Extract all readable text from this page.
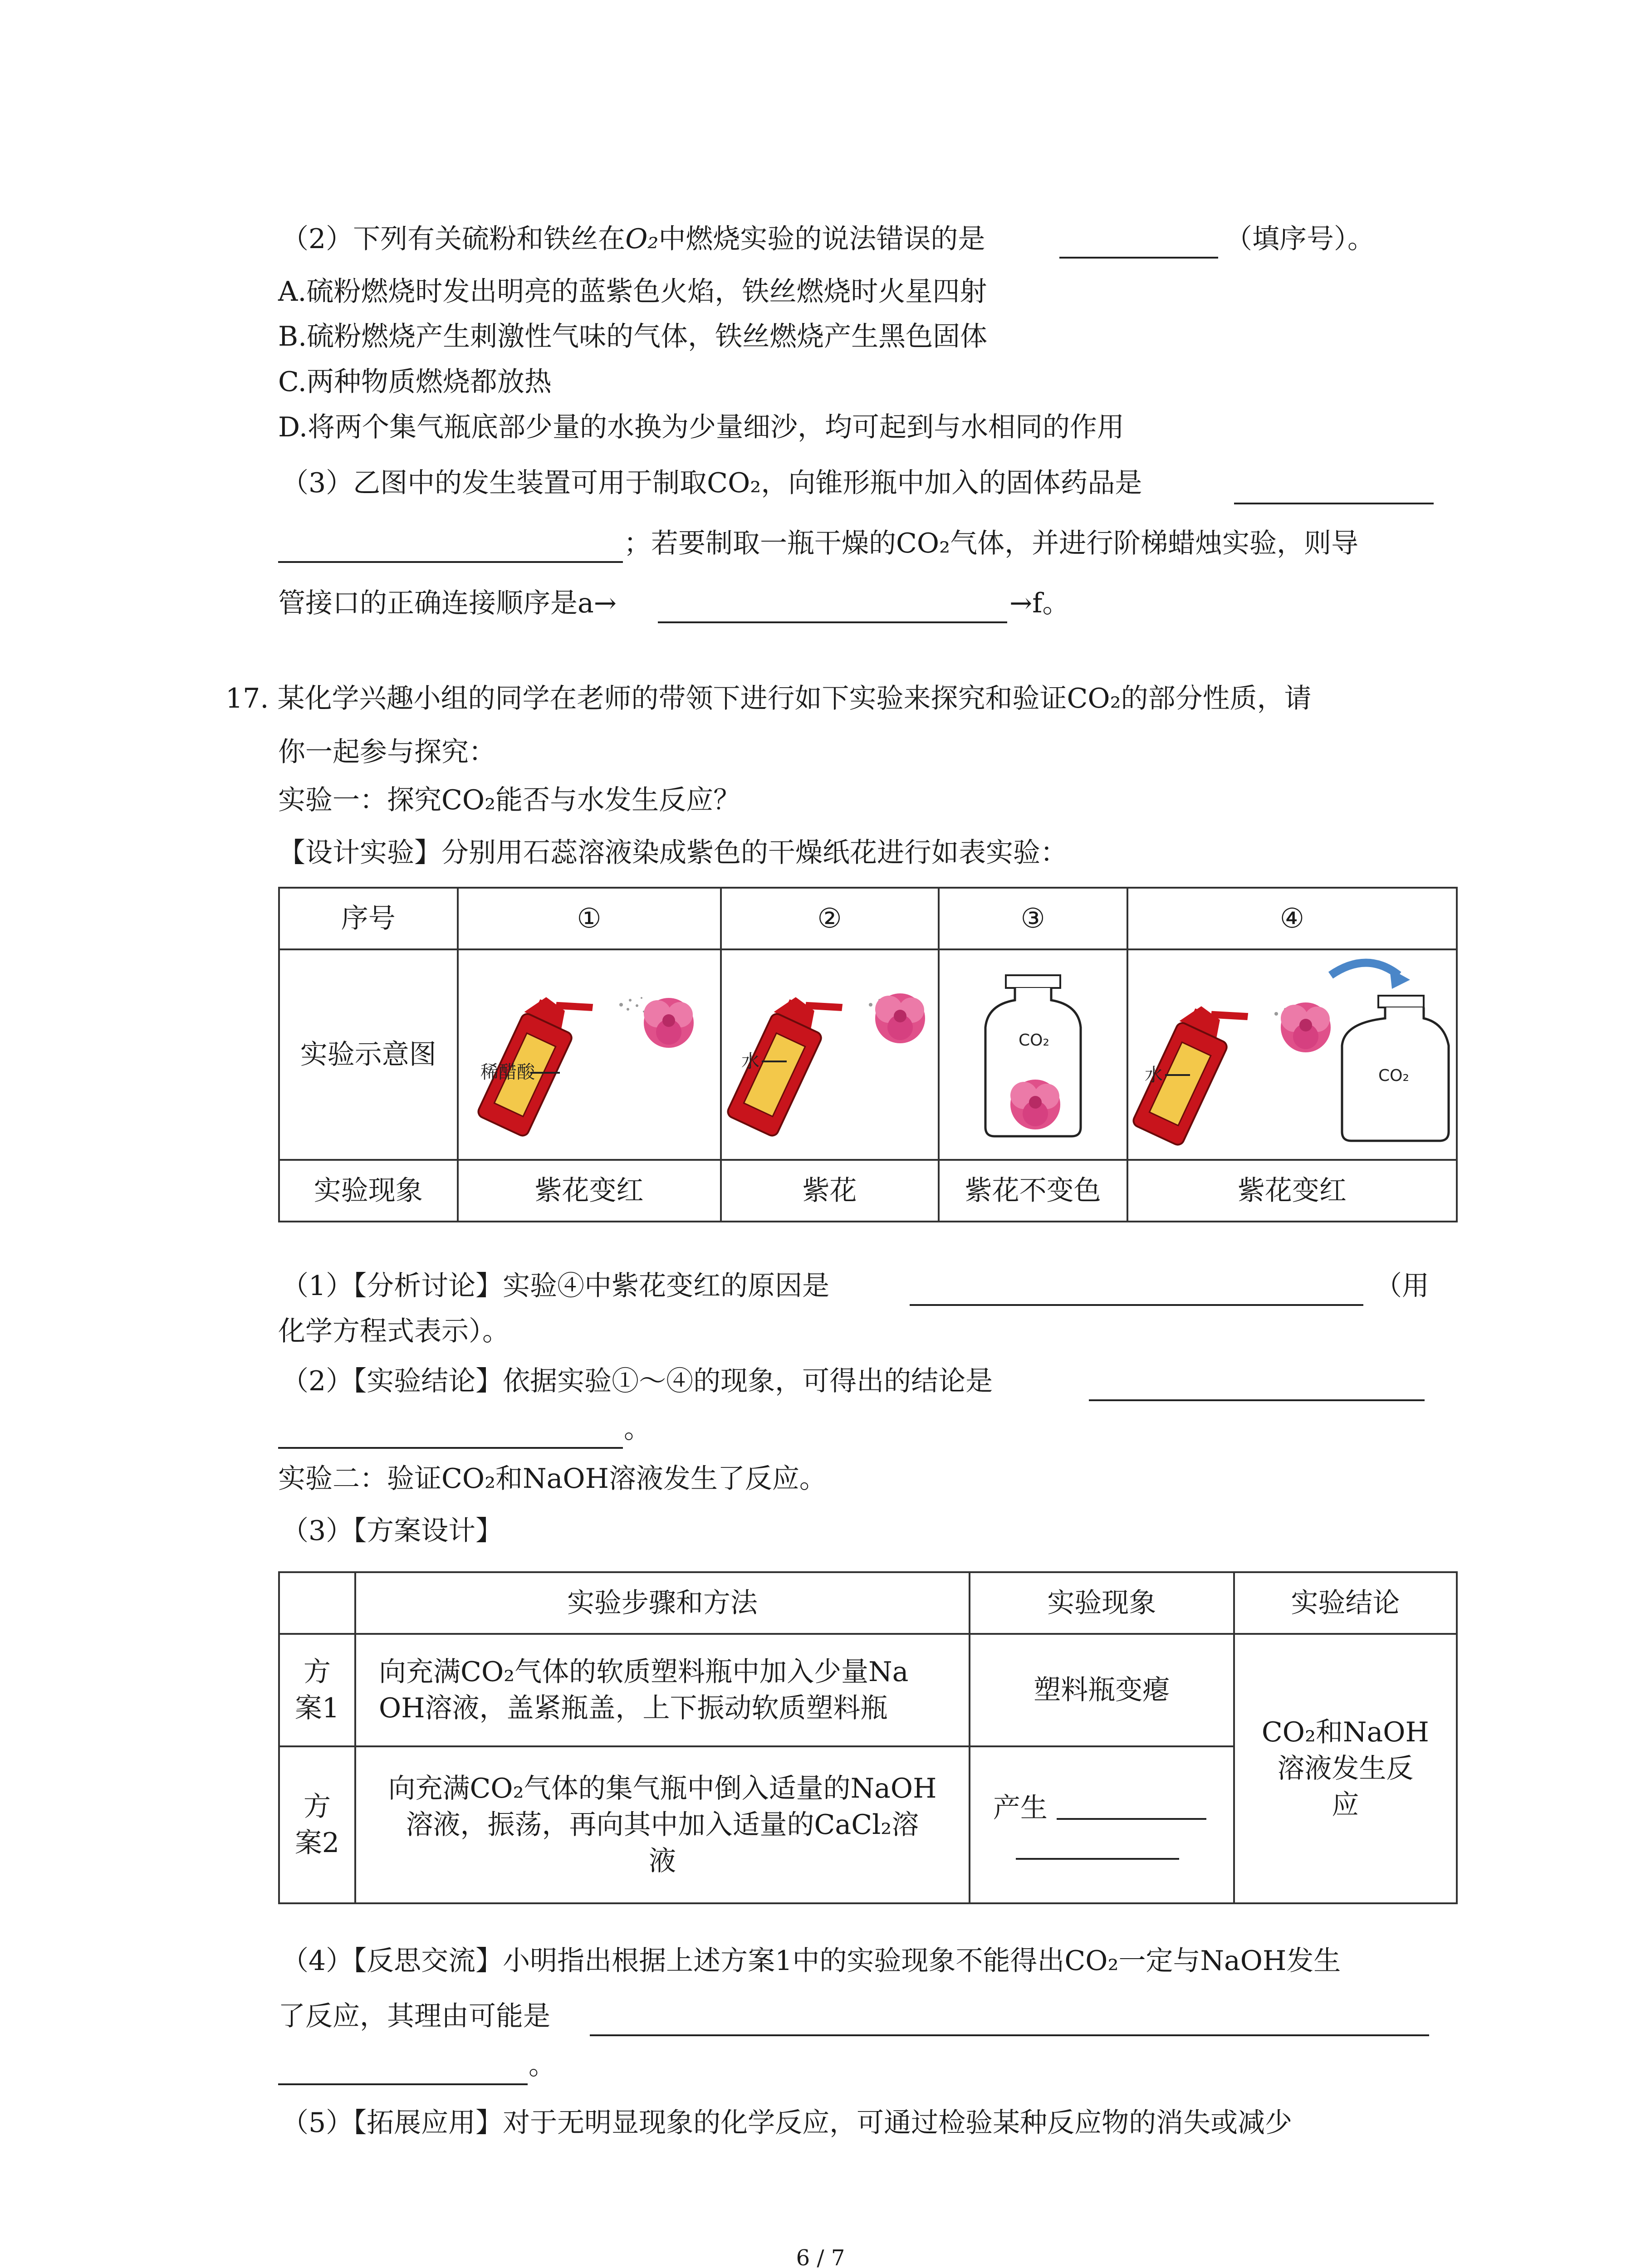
（2）下列有关硫粉和铁丝在O₂中燃烧实验的说法错误的是	（填序号）。
A.硫粉燃烧时发出明亮的蓝紫色火焰，铁丝燃烧时火星四射
B.硫粉燃烧产生刺激性气味的气体，铁丝燃烧产生黑色固体
C.两种物质燃烧都放热
D.将两个集气瓶底部少量的水换为少量细沙，均可起到与水相同的作用
（3）乙图中的发生装置可用于制取CO₂，向锥形瓶中加入的固体药品是
；若要制取一瓶干燥的CO₂气体，并进行阶梯蜡烛实验，则导
管接口的正确连接顺序是a→	→f。
17. 某化学兴趣小组的同学在老师的带领下进行如下实验来探究和验证CO₂的部分性质，请
你一起参与探究：
实验一：探究CO₂能否与水发生反应？
【设计实验】分别用石蕊溶液染成紫色的干燥纸花进行如表实验：
序号	①	②	③	④
实验示意图	稀醋酸	水	CO₂	水 CO₂

实验现象	紫花变红	紫花	紫花不变色	紫花变红
（1）【分析讨论】实验④中紫花变红的原因是	（用
化学方程式表示）。
（2）【实验结论】依据实验①～④的现象，可得出的结论是
。
实验二：验证CO₂和NaOH溶液发生了反应。
（3）【方案设计】
	实验步骤和方法	实验现象	实验结论

方
案1	向充满CO₂气体的软质塑料瓶中加入少量Na
OH溶液，盖紧瓶盖，上下振动软质塑料瓶	塑料瓶变瘪	CO₂和NaOH
溶液发生反
应

方
案2	向充满CO₂气体的集气瓶中倒入适量的NaOH
溶液，振荡，再向其中加入适量的CaCl₂溶
液	产生	
（4）【反思交流】小明指出根据上述方案1中的实验现象不能得出CO₂一定与NaOH发生
了反应，其理由可能是
。
（5）【拓展应用】对于无明显现象的化学反应，可通过检验某种反应物的消失或减少
6 / 7
